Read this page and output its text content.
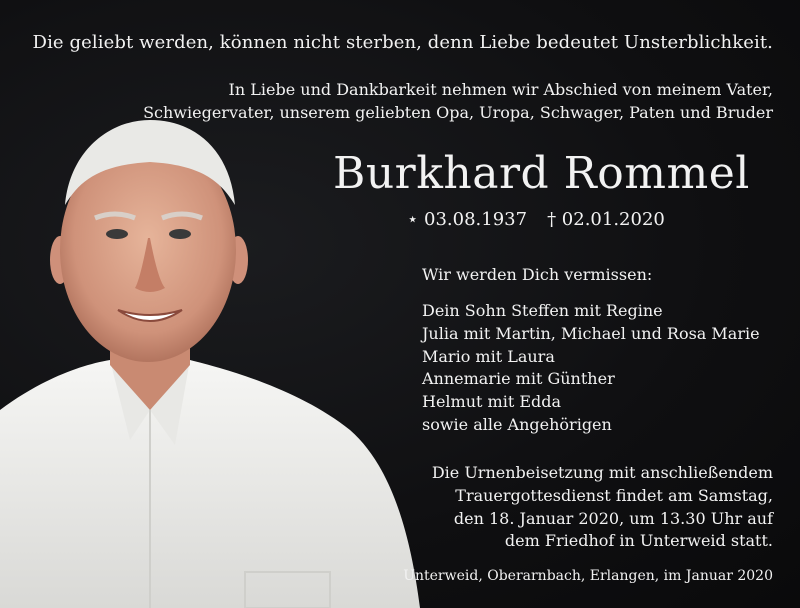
Die geliebt werden, können nicht sterben, denn Liebe bedeutet Unsterblichkeit.
In Liebe und Dankbarkeit nehmen wir Abschied von meinem Vater,
Schwiegervater, unserem geliebten Opa, Uropa, Schwager, Paten und Bruder
Burkhard Rommel
⋆ 03.08.1937 † 02.01.2020
Wir werden Dich vermissen:
Dein Sohn Steffen mit Regine
Julia mit Martin, Michael und Rosa Marie
Mario mit Laura
Annemarie mit Günther
Helmut mit Edda
sowie alle Angehörigen
Die Urnenbeisetzung mit anschließendem
Trauergottesdienst findet am Samstag,
den 18. Januar 2020, um 13.30 Uhr auf
dem Friedhof in Unterweid statt.
Unterweid, Oberarnbach, Erlangen, im Januar 2020
